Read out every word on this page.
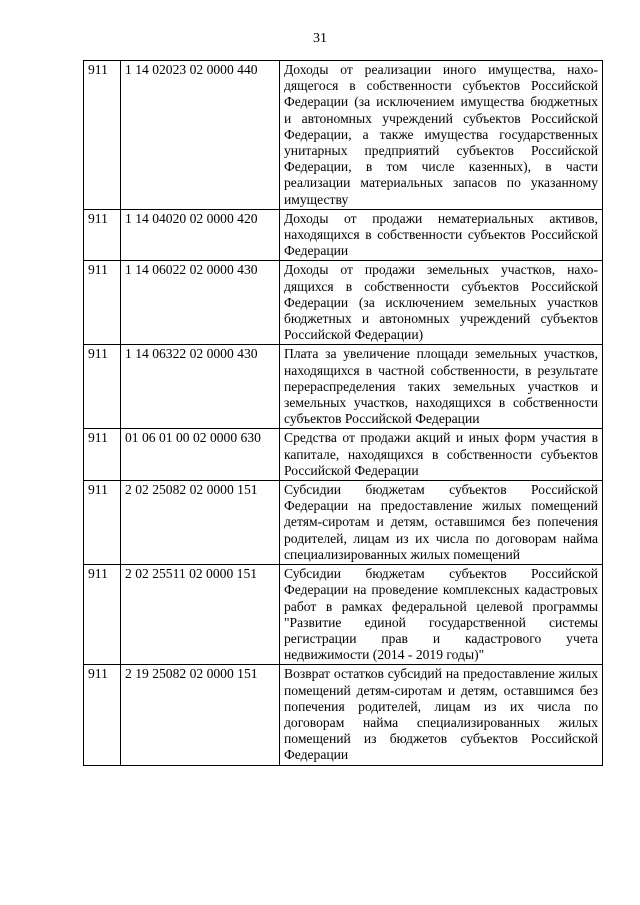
31
911	1 14 02023 02 0000 440	Доходы от реализации иного имущества, находящегося в собственности субъектов Российской Федерации (за исключением имущества бюджетных и автономных учреждений субъектов Российской Федерации, а также имущества государственных унитарных предприятий субъектов Российской Федерации, в том числе казенных), в части реализации материальных запасов по указанному имуществу
911	1 14 04020 02 0000 420	Доходы от продажи нематериальных активов, находящихся в собственности субъектов Российской Федерации
911	1 14 06022 02 0000 430	Доходы от продажи земельных участков, находящихся в собственности субъектов Российской Федерации (за исключением земельных участков бюджетных и автономных учреждений субъектов Российской Федерации)
911	1 14 06322 02 0000 430	Плата за увеличение площади земельных участков, находящихся в частной собственности, в результате перераспределения таких земельных участков и земельных участков, находящихся в собственности субъектов Российской Федерации
911	01 06 01 00 02 0000 630	Средства от продажи акций и иных форм участия в капитале, находящихся в собственности субъектов Российской Федерации
911	2 02 25082 02 0000 151	Субсидии бюджетам субъектов Российской Федерации на предоставление жилых помещений детям-сиротам и детям, оставшимся без попечения родителей, лицам из их числа по договорам найма специализированных жилых помещений
911	2 02 25511 02 0000 151	Субсидии бюджетам субъектов Российской Федерации на проведение комплексных кадастровых работ в рамках федеральной целевой программы "Развитие единой государственной системы регистрации прав и кадастрового учета недвижимости (2014 - 2019 годы)"
911	2 19 25082 02 0000 151	Возврат остатков субсидий на предоставление жилых помещений детям-сиротам и детям, оставшимся без попечения родителей, лицам из их числа по договорам найма специализированных жилых помещений из бюджетов субъектов Российской Федерации
